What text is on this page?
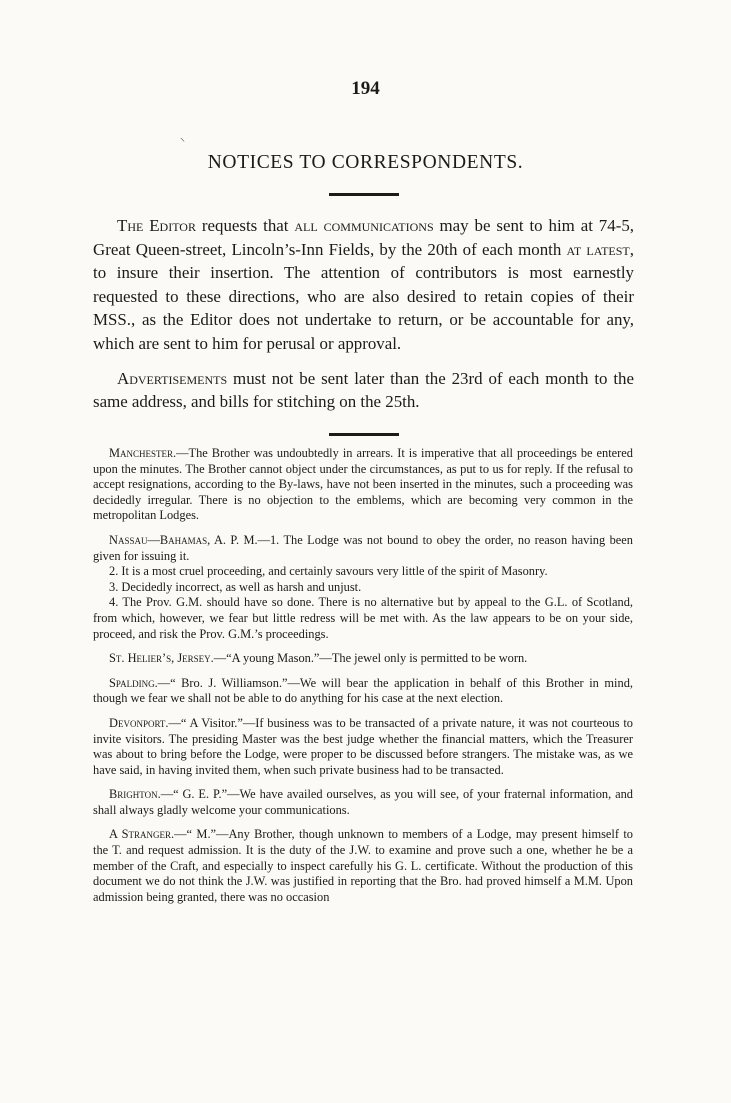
⸌
194
NOTICES TO CORRESPONDENTS.

The Editor requests that all communications may be sent to him at 74-5, Great Queen-street, Lincoln’s-Inn Fields, by the 20th of each month at latest, to insure their insertion. The attention of contributors is most earnestly requested to these directions, who are also desired to retain copies of their MSS., as the Editor does not undertake to return, or be accountable for any, which are sent to him for perusal or approval.

Advertisements must not be sent later than the 23rd of each month to the same address, and bills for stitching on the 25th.

Manchester.—The Brother was undoubtedly in arrears. It is imperative that all proceedings be entered upon the minutes. The Brother cannot object under the circumstances, as put to us for reply. If the refusal to accept resignations, according to the By-laws, have not been inserted in the minutes, such a proceeding was decidedly irregular. There is no objection to the emblems, which are becoming very common in the metropolitan Lodges.

Nassau—Bahamas, A. P. M.—1. The Lodge was not bound to obey the order, no reason having been given for issuing it.

2. It is a most cruel proceeding, and certainly savours very little of the spirit of Masonry.

3. Decidedly incorrect, as well as harsh and unjust.

4. The Prov. G.M. should have so done. There is no alternative but by appeal to the G.L. of Scotland, from which, however, we fear but little redress will be met with. As the law appears to be on your side, proceed, and risk the Prov. G.M.’s proceedings.

St. Helier’s, Jersey.—“A young Mason.”—The jewel only is permitted to be worn.

Spalding.—“ Bro. J. Williamson.”—We will bear the application in behalf of this Brother in mind, though we fear we shall not be able to do anything for his case at the next election.

Devonport.—“ A Visitor.”—If business was to be transacted of a private nature, it was not courteous to invite visitors. The presiding Master was the best judge whether the financial matters, which the Treasurer was about to bring before the Lodge, were proper to be discussed before strangers. The mistake was, as we have said, in having invited them, when such private business had to be transacted.

Brighton.—“ G. E. P.”—We have availed ourselves, as you will see, of your fraternal information, and shall always gladly welcome your communications.

A Stranger.—“ M.”—Any Brother, though unknown to members of a Lodge, may present himself to the T. and request admission. It is the duty of the J.W. to examine and prove such a one, whether he be a member of the Craft, and especially to inspect carefully his G. L. certificate. Without the production of this document we do not think the J.W. was justified in reporting that the Bro. had proved himself a M.M. Upon admission being granted, there was no occasion
